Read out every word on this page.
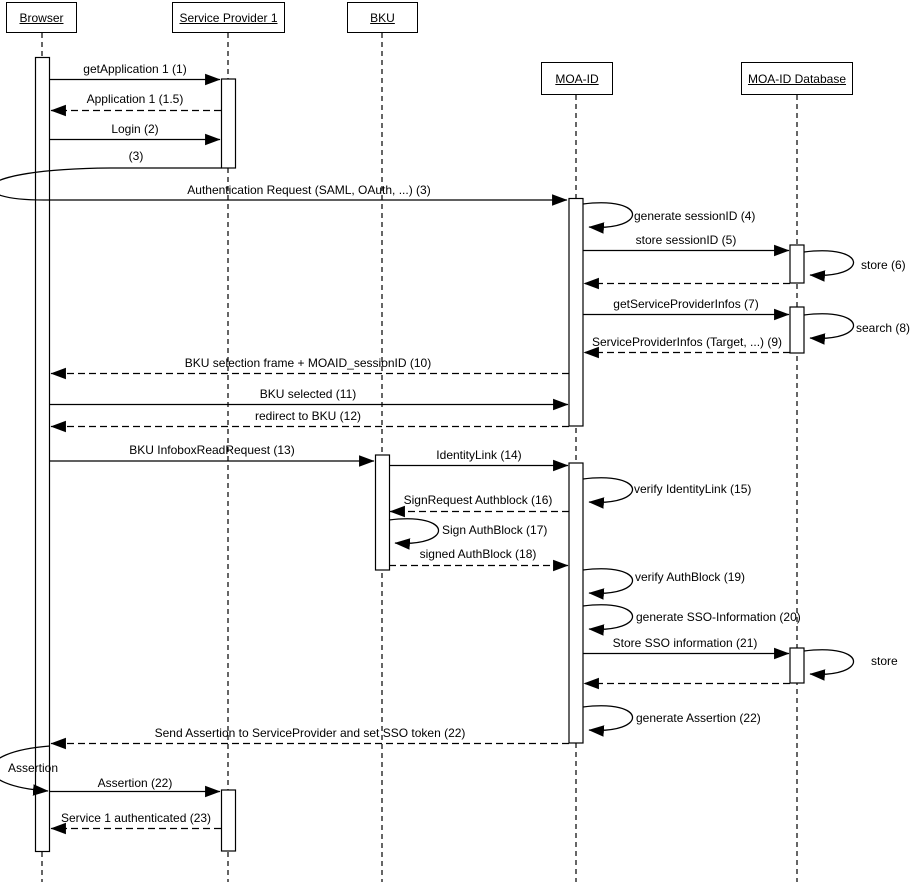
Browser	Service Provider 1	BKU
MOA-ID	MOA-ID Database
getApplication 1 (1)
Application 1 (1.5)
Login (2)
(3)
Authentication Request (SAML, OAuth, ...) (3)
generate sessionID (4)
store sessionID (5)
store (6)
getServiceProviderInfos (7)
search (8)
ServiceProviderInfos (Target, ...) (9)
BKU selection frame + MOAID_sessionID (10)
BKU selected (11)
redirect to BKU (12)
BKU InfoboxReadRequest (13)	IdentityLink (14)
verify IdentityLink (15)
SignRequest Authblock (16)
Sign AuthBlock (17)
signed AuthBlock (18)
verify AuthBlock (19)
generate SSO-Information (20)
Store SSO information (21)
store
generate Assertion (22)
Send Assertion to ServiceProvider and set SSO token (22)
Assertion
Assertion (22)
Service 1 authenticated (23)
